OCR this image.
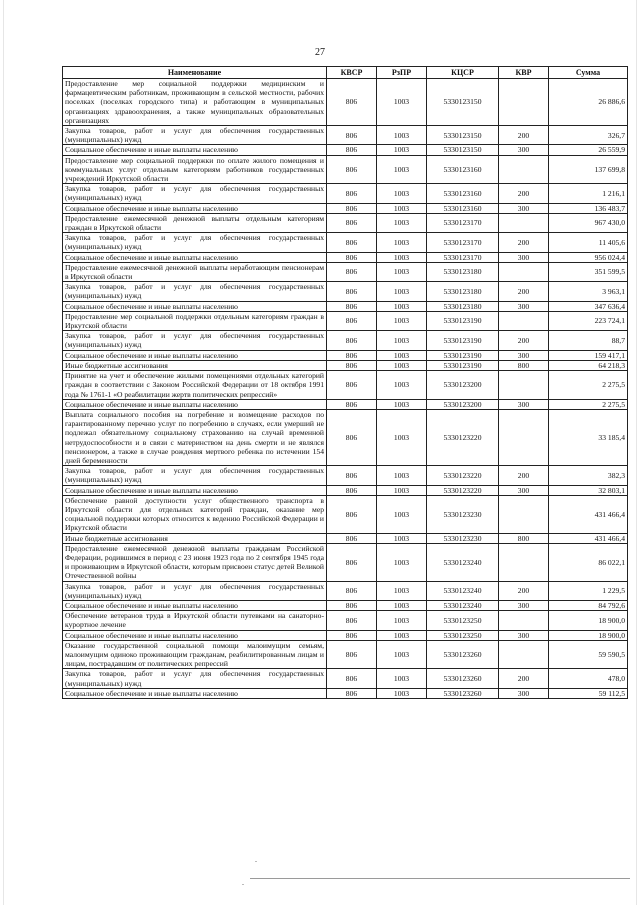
27
Наименование	КВСР	РзПР	КЦСР	КВР	Сумма
Предоставление мер социальной поддержки медицинским и фармацевтическим работникам, проживающим в сельской местности, рабочих поселках (поселках городского типа) и работающим в муниципальных организациях здравоохранения, а также муниципальных образовательных организациях	806	1003	5330123150		26 886,6
Закупка товаров, работ и услуг для обеспечения государственных (муниципальных) нужд	806	1003	5330123150	200	326,7
Социальное обеспечение и иные выплаты населению	806	1003	5330123150	300	26 559,9
Предоставление мер социальной поддержки по оплате жилого помещения и коммунальных услуг отдельным категориям работников государственных учреждений Иркутской области	806	1003	5330123160		137 699,8
Закупка товаров, работ и услуг для обеспечения государственных (муниципальных) нужд	806	1003	5330123160	200	1 216,1
Социальное обеспечение и иные выплаты населению	806	1003	5330123160	300	136 483,7
Предоставление ежемесячной денежной выплаты отдельным категориям граждан в Иркутской области	806	1003	5330123170		967 430,0
Закупка товаров, работ и услуг для обеспечения государственных (муниципальных) нужд	806	1003	5330123170	200	11 405,6
Социальное обеспечение и иные выплаты населению	806	1003	5330123170	300	956 024,4
Предоставление ежемесячной денежной выплаты неработающим пенсионерам в Иркутской области	806	1003	5330123180		351 599,5
Закупка товаров, работ и услуг для обеспечения государственных (муниципальных) нужд	806	1003	5330123180	200	3 963,1
Социальное обеспечение и иные выплаты населению	806	1003	5330123180	300	347 636,4
Предоставление мер социальной поддержки отдельным категориям граждан в Иркутской области	806	1003	5330123190		223 724,1
Закупка товаров, работ и услуг для обеспечения государственных (муниципальных) нужд	806	1003	5330123190	200	88,7
Социальное обеспечение и иные выплаты населению	806	1003	5330123190	300	159 417,1
Иные бюджетные ассигнования	806	1003	5330123190	800	64 218,3
Принятие на учет и обеспечение жилыми помещениями отдельных категорий граждан в соответствии с Законом Российской Федерации от 18 октября 1991 года № 1761-1 «О реабилитации жертв политических репрессий»	806	1003	5330123200		2 275,5
Социальное обеспечение и иные выплаты населению	806	1003	5330123200	300	2 275,5
Выплата социального пособия на погребение и возмещение расходов по гарантированному перечню услуг по погребению в случаях, если умерший не подлежал обязательному социальному страхованию на случай временной нетрудоспособности и в связи с материнством на день смерти и не являлся пенсионером, а также в случае рождения мертвого ребенка по истечении 154 дней беременности	806	1003	5330123220		33 185,4
Закупка товаров, работ и услуг для обеспечения государственных (муниципальных) нужд	806	1003	5330123220	200	382,3
Социальное обеспечение и иные выплаты населению	806	1003	5330123220	300	32 803,1
Обеспечение равной доступности услуг общественного транспорта в Иркутской области для отдельных категорий граждан, оказание мер социальной поддержки которых относится к ведению Российской Федерации и Иркутской области	806	1003	5330123230		431 466,4
Иные бюджетные ассигнования	806	1003	5330123230	800	431 466,4
Предоставление ежемесячной денежной выплаты гражданам Российской Федерации, родившимся в период с 23 июня 1923 года по 2 сентября 1945 года и проживающим в Иркутской области, которым присвоен статус детей Великой Отечественной войны	806	1003	5330123240		86 022,1
Закупка товаров, работ и услуг для обеспечения государственных (муниципальных) нужд	806	1003	5330123240	200	1 229,5
Социальное обеспечение и иные выплаты населению	806	1003	5330123240	300	84 792,6
Обеспечение ветеранов труда в Иркутской области путевками на санаторно-курортное лечение	806	1003	5330123250		18 900,0
Социальное обеспечение и иные выплаты населению	806	1003	5330123250	300	18 900,0
Оказание государственной социальной помощи малоимущим семьям, малоимущим одиноко проживающим гражданам, реабилитированным лицам и лицам, пострадавшим от политических репрессий	806	1003	5330123260		59 590,5
Закупка товаров, работ и услуг для обеспечения государственных (муниципальных) нужд	806	1003	5330123260	200	478,0
Социальное обеспечение и иные выплаты населению	806	1003	5330123260	300	59 112,5
